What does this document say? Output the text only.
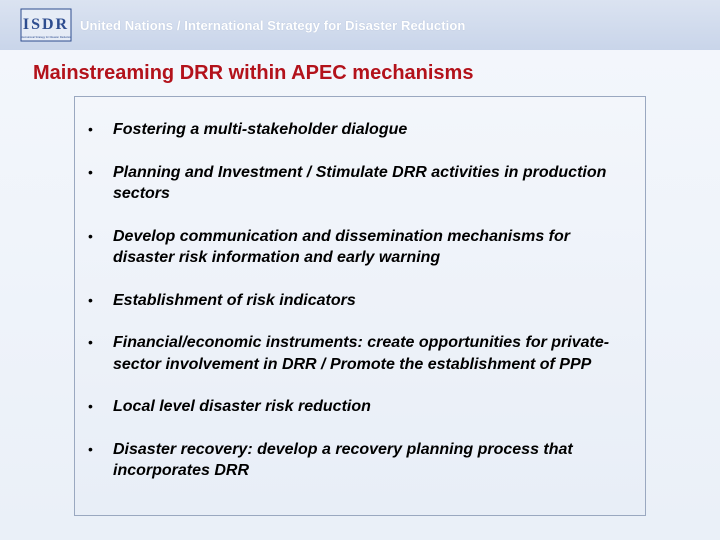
ISDR
International Strategy for Disaster Reduction
United Nations / International Strategy for Disaster Reduction
Mainstreaming DRR within APEC mechanisms
• Fostering a multi-stakeholder dialogue
• Planning and Investment / Stimulate DRR activities in production sectors
• Develop communication and dissemination mechanisms for disaster risk information and early warning
• Establishment of risk indicators
• Financial/economic instruments: create opportunities for private-sector involvement in DRR / Promote the establishment of PPP
• Local level disaster risk reduction
• Disaster recovery: develop a recovery planning process that incorporates DRR
